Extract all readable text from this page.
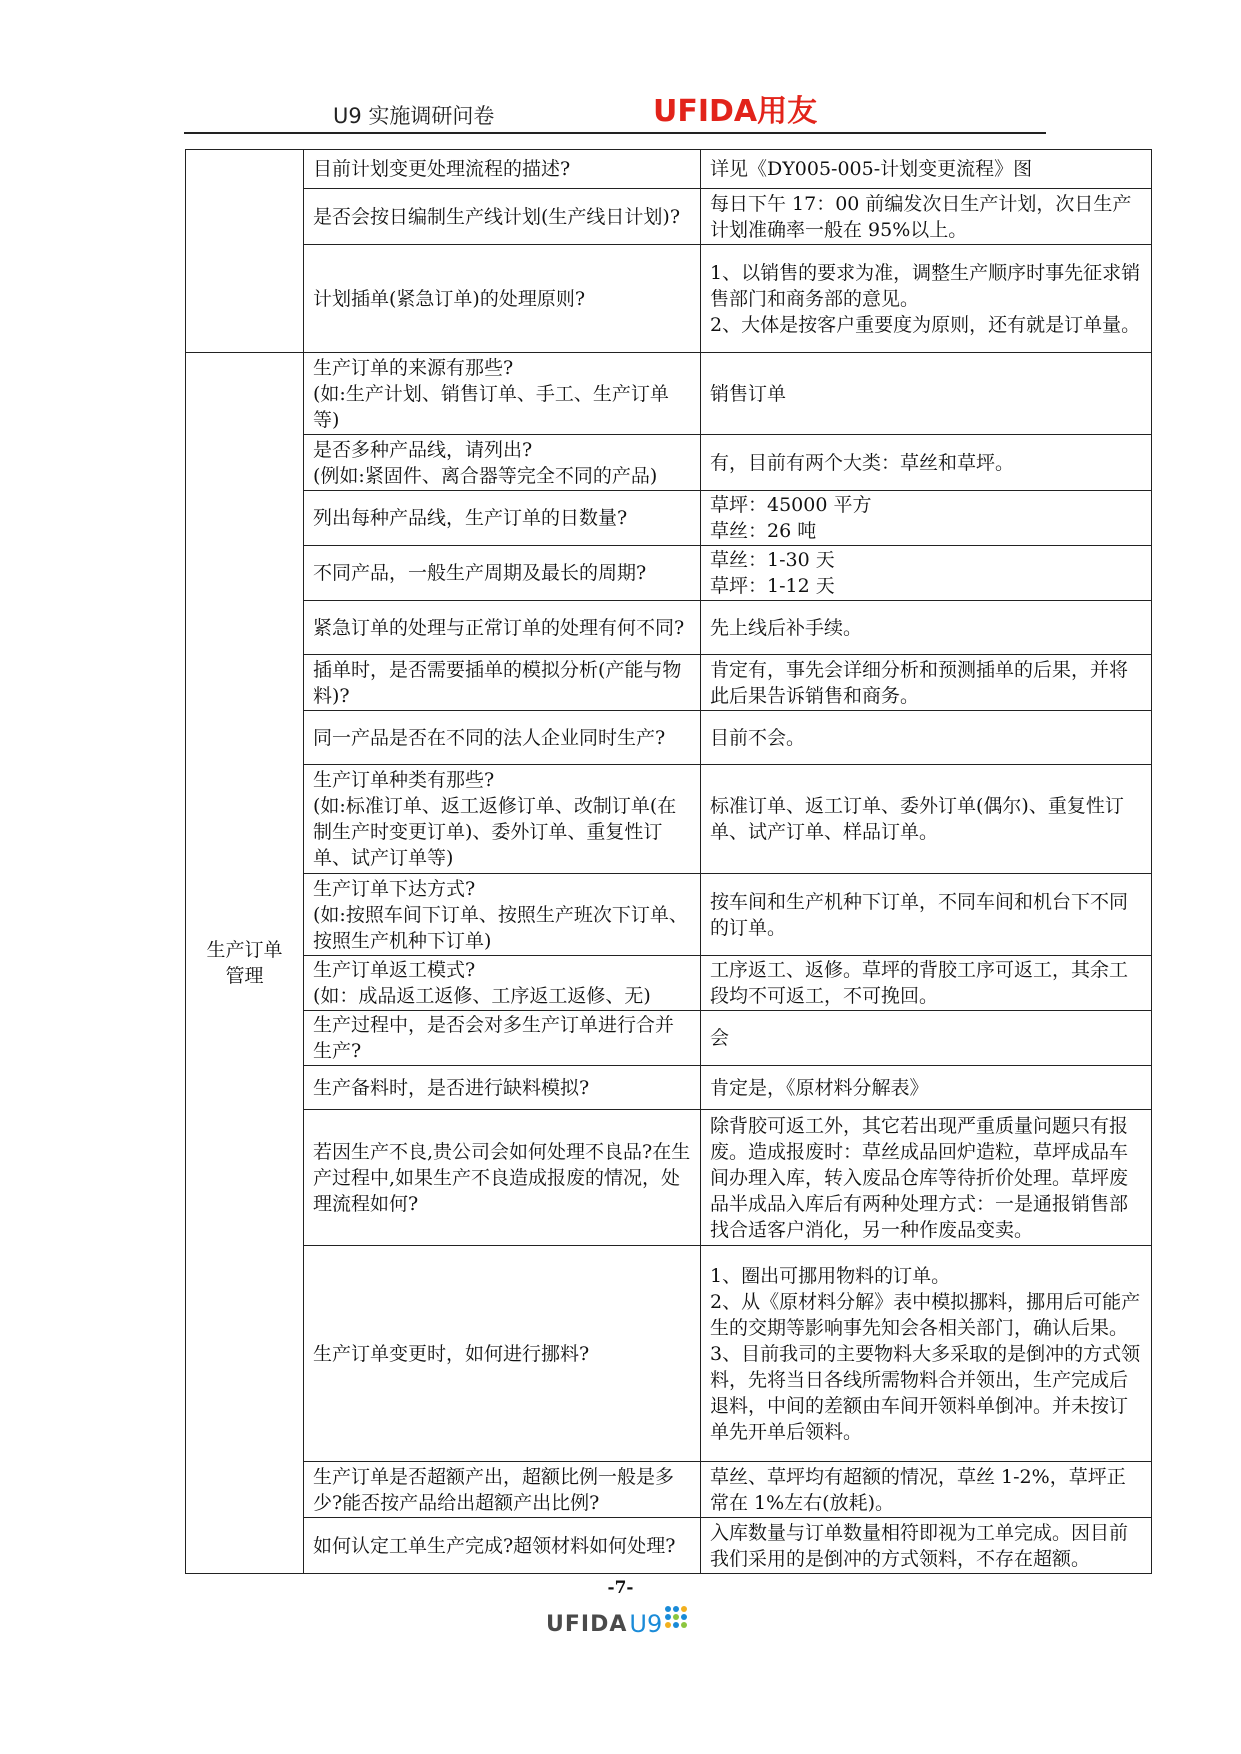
U9 实施调研问卷	UFIDA用友

	目前计划变更处理流程的描述?	详见《DY005-005-计划变更流程》图

	是否会按日编制生产线计划(生产线日计划)?	每日下午 17：00 前编发次日生产计划，次日生产计划准确率一般在 95%以上。

	计划插单(紧急订单)的处理原则?	1、以销售的要求为准，调整生产顺序时事先征求销售部门和商务部的意见。
2、大体是按客户重要度为原则，还有就是订单量。

生产订单
管理	生产订单的来源有那些?
(如:生产计划、销售订单、手工、生产订单等)	销售订单

	是否多种产品线，请列出?
(例如:紧固件、离合器等完全不同的产品)	有，目前有两个大类：草丝和草坪。

	列出每种产品线，生产订单的日数量?	草坪：45000 平方
草丝：26 吨

	不同产品，一般生产周期及最长的周期?	草丝：1-30 天
草坪：1-12 天

	紧急订单的处理与正常订单的处理有何不同?	先上线后补手续。

	插单时，是否需要插单的模拟分析(产能与物料)?	肯定有，事先会详细分析和预测插单的后果，并将此后果告诉销售和商务。

	同一产品是否在不同的法人企业同时生产?	目前不会。

	生产订单种类有那些?
(如:标准订单、返工返修订单、改制订单(在制生产时变更订单)、委外订单、重复性订单、试产订单等)	标准订单、返工订单、委外订单(偶尔)、重复性订单、试产订单、样品订单。

	生产订单下达方式?
(如:按照车间下订单、按照生产班次下订单、按照生产机种下订单)	按车间和生产机种下订单，不同车间和机台下不同的订单。

	生产订单返工模式?
(如：成品返工返修、工序返工返修、无)	工序返工、返修。草坪的背胶工序可返工，其余工段均不可返工，不可挽回。

	生产过程中，是否会对多生产订单进行合并生产?	会

	生产备料时，是否进行缺料模拟?	肯定是，《原材料分解表》

	若因生产不良,贵公司会如何处理不良品?在生产过程中,如果生产不良造成报废的情况，处理流程如何?	除背胶可返工外，其它若出现严重质量问题只有报废。造成报废时：草丝成品回炉造粒，草坪成品车间办理入库，转入废品仓库等待折价处理。草坪废品半成品入库后有两种处理方式：一是通报销售部找合适客户消化，另一种作废品变卖。

	生产订单变更时，如何进行挪料?	1、圈出可挪用物料的订单。
2、从《原材料分解》表中模拟挪料，挪用后可能产生的交期等影响事先知会各相关部门，确认后果。
3、目前我司的主要物料大多采取的是倒冲的方式领料，先将当日各线所需物料合并领出，生产完成后退料，中间的差额由车间开领料单倒冲。并未按订单先开单后领料。

	生产订单是否超额产出，超额比例一般是多少?能否按产品给出超额产出比例?	草丝、草坪均有超额的情况，草丝 1-2%，草坪正常在 1%左右(放耗)。

	如何认定工单生产完成?超领材料如何处理?	入库数量与订单数量相符即视为工单完成。因目前我们采用的是倒冲的方式领料，不存在超额。
-7-
UFIDA U9
